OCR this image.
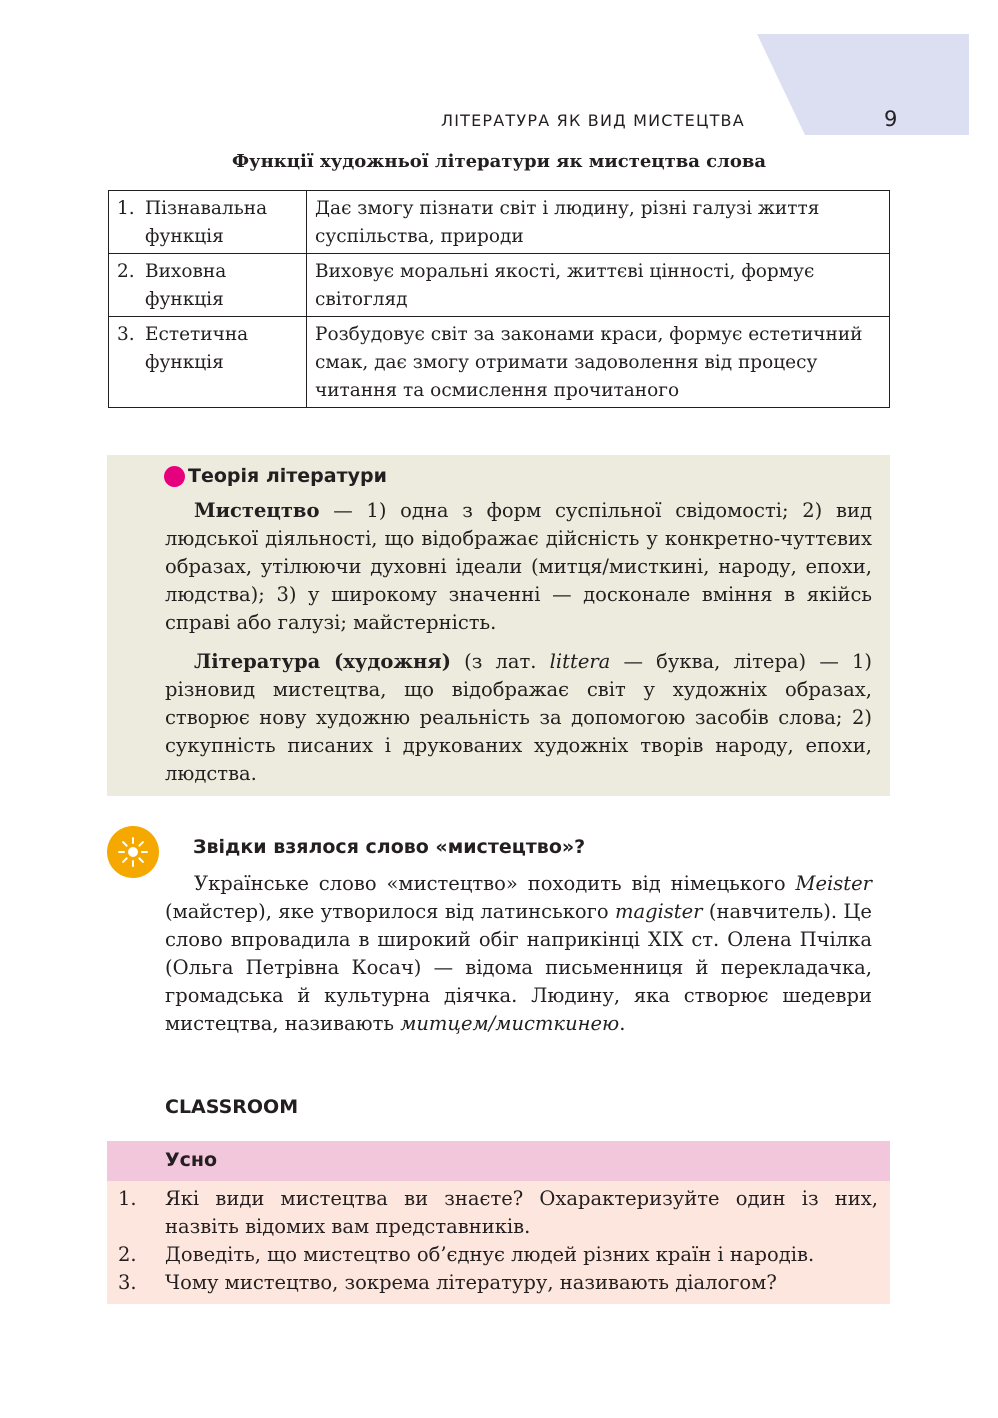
ЛІТЕРАТУРА ЯК ВИД МИСТЕЦТВА	9
Функції художньої літератури як мистецтва слова
1. Пізнавальна
функція	Дає змогу пізнати світ і людину, різні галузі життя суспільства, природи

2. Виховна
функція	Виховує моральні якості, життєві цінності, формує світогляд

3. Естетична
функція	Розбудовує світ за законами краси, формує естетичний смак, дає змогу отримати задоволення від процесу читання та осмислення прочитаного
Теорія літератури
Мистецтво — 1) одна з форм суспільної свідомості; 2) вид людської діяльності, що відображає дійсність у конкретно-чуттєвих образах, утілюючи духовні ідеали (митця/мисткині, народу, епохи, людства); 3) у широкому значенні — досконале вміння в якійсь справі або галузі; майстерність.
Література (художня) (з лат. littera — буква, літера) — 1) різновид мистецтва, що відображає світ у художніх образах, створює нову художню реальність за допомогою засобів слова; 2) сукупність писаних і друкованих художніх творів народу, епохи, людства.
Звідки взялося слово «мистецтво»?
Українське слово «мистецтво» походить від німецького Meister (майстер), яке утворилося від латинського magister (навчитель). Це слово впровадила в широкий обіг наприкінці XIX ст. Олена Пчілка (Ольга Петрівна Косач) — відома письменниця й перекладачка, громадська й культурна діячка. Людину, яка створює шедеври мистецтва, називають митцем/мисткинею.
CLASSROOM
Усно
1.	Які види мистецтва ви знаєте? Охарактеризуйте один із них, назвіть відомих вам представників.
2.	Доведіть, що мистецтво об’єднує людей різних країн і народів.
3.	Чому мистецтво, зокрема літературу, називають діалогом?
